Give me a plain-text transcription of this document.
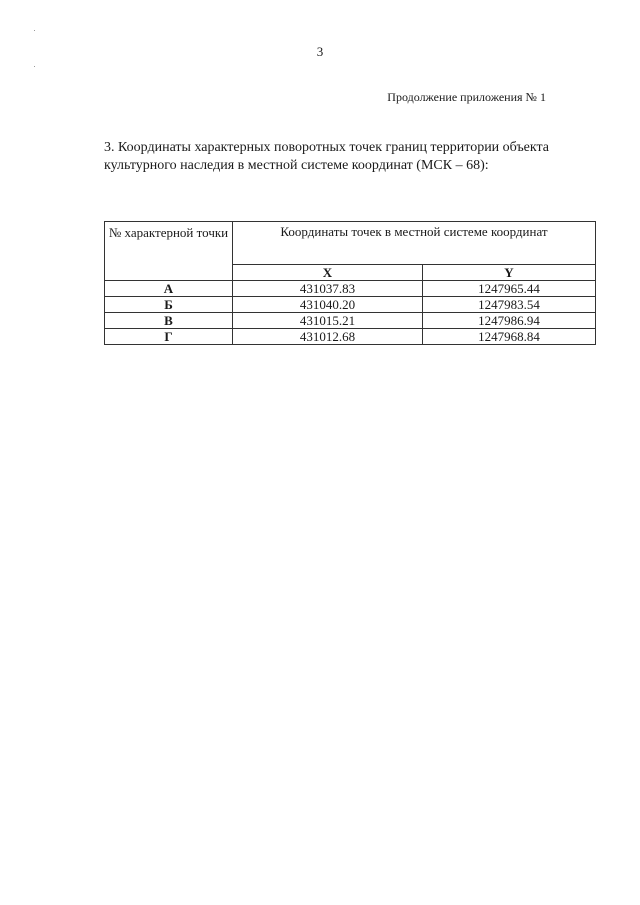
3
Продолжение приложения № 1
3. Координаты характерных поворотных точек границ территории объекта
культурного наследия в местной системе координат (МСК – 68):
№ характерной точки	Координаты точек в местной системе координат	
	X	Y
А	431037.83	1247965.44
Б	431040.20	1247983.54
В	431015.21	1247986.94
Г	431012.68	1247968.84
